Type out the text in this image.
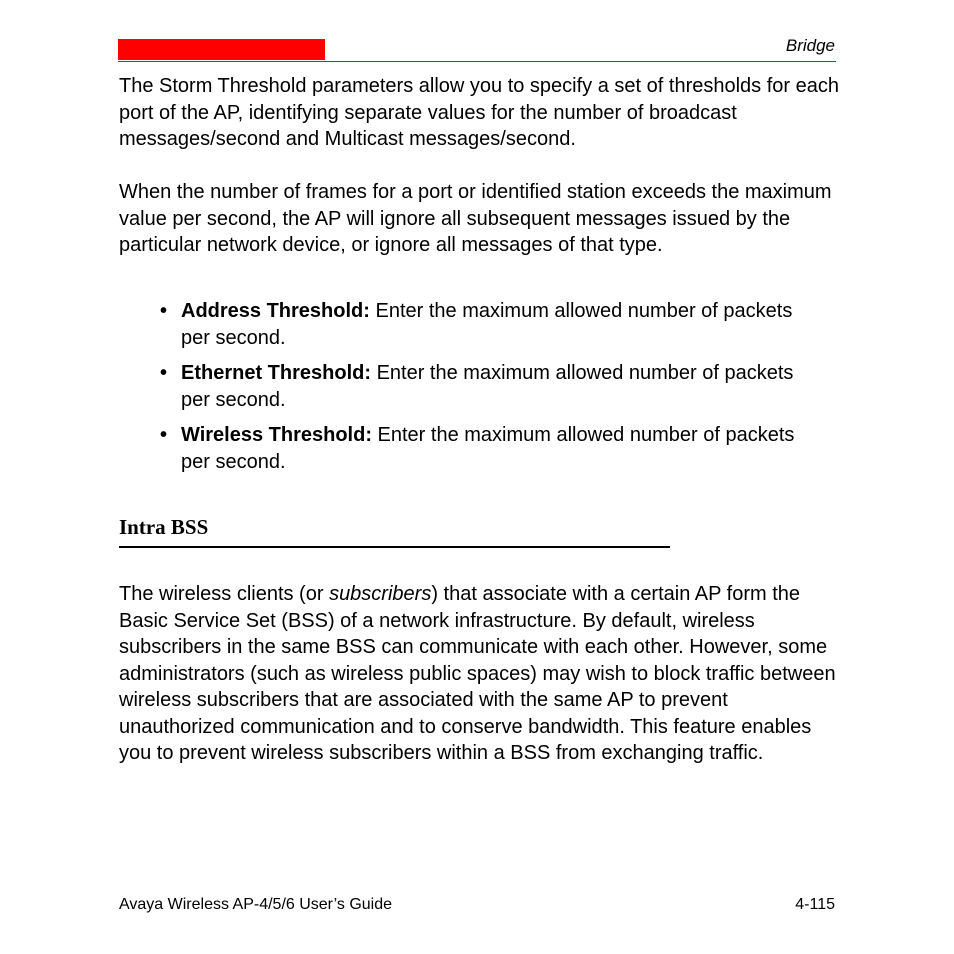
Bridge

The Storm Threshold parameters allow you to specify a set of thresholds for each port of the AP, identifying separate values for the number of broadcast messages/second and Multicast messages/second.

When the number of frames for a port or identified station exceeds the maximum value per second, the AP will ignore all subsequent messages issued by the particular network device, or ignore all messages of that type.

• Address Threshold: Enter the maximum allowed number of packets per second.
• Ethernet Threshold: Enter the maximum allowed number of packets per second.
• Wireless Threshold: Enter the maximum allowed number of packets per second.
Intra BSS

The wireless clients (or subscribers) that associate with a certain AP form the Basic Service Set (BSS) of a network infrastructure. By default, wireless subscribers in the same BSS can communicate with each other. However, some administrators (such as wireless public spaces) may wish to block traffic between wireless subscribers that are associated with the same AP to prevent unauthorized communication and to conserve bandwidth. This feature enables you to prevent wireless subscribers within a BSS from exchanging traffic.

Avaya Wireless AP-4/5/6 User’s Guide	4-115
